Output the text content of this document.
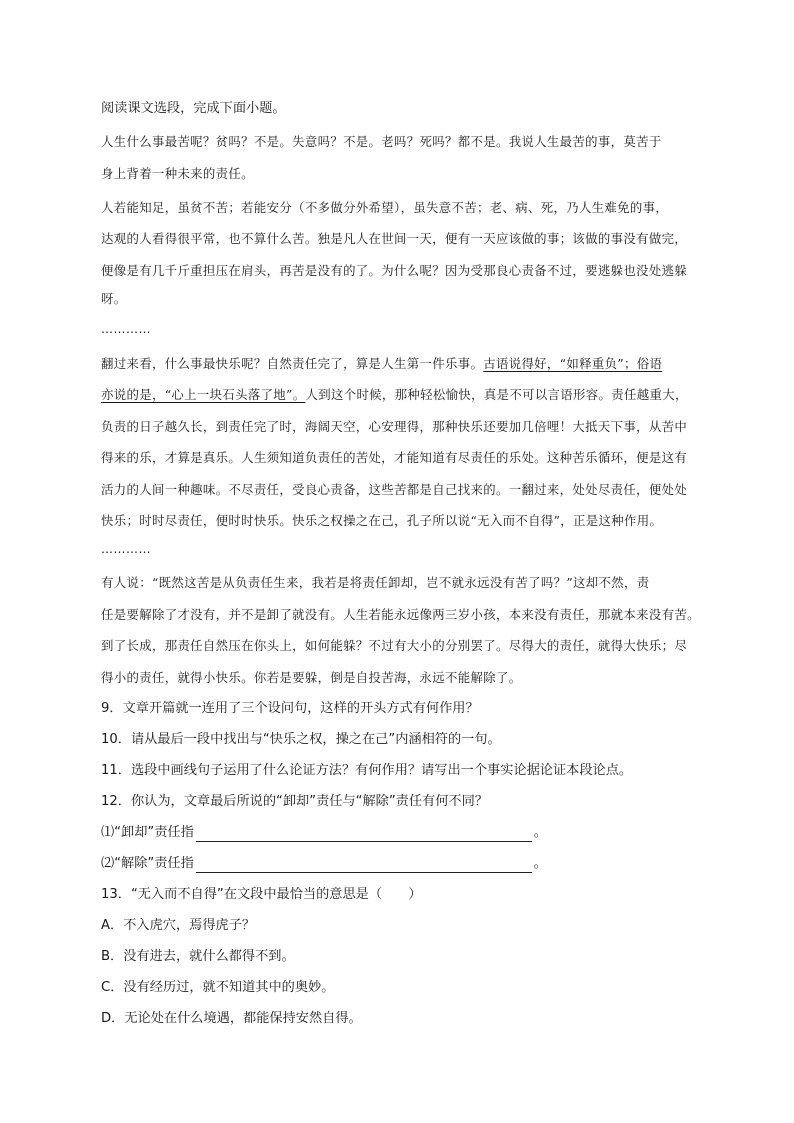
阅读课文选段，完成下面小题。
人生什么事最苦呢？贫吗？不是。失意吗？不是。老吗？死吗？都不是。我说人生最苦的事，莫苦于
身上背着一种未来的责任。
人若能知足，虽贫不苦；若能安分（不多做分外希望），虽失意不苦；老、病、死，乃人生难免的事，
达观的人看得很平常，也不算什么苦。独是凡人在世间一天，便有一天应该做的事；该做的事没有做完，
便像是有几千斤重担压在肩头，再苦是没有的了。为什么呢？因为受那良心责备不过，要逃躲也没处逃躲
呀。
…………
翻过来看，什么事最快乐呢？自然责任完了，算是人生第一件乐事。古语说得好，“如释重负”；俗语
亦说的是，“心上一块石头落了地”。人到这个时候，那种轻松愉快，真是不可以言语形容。责任越重大，
负责的日子越久长，到责任完了时，海阔天空，心安理得，那种快乐还要加几倍哩！大抵天下事，从苦中
得来的乐，才算是真乐。人生须知道负责任的苦处，才能知道有尽责任的乐处。这种苦乐循环，便是这有
活力的人间一种趣味。不尽责任，受良心责备，这些苦都是自己找来的。一翻过来，处处尽责任，便处处
快乐；时时尽责任，便时时快乐。快乐之权操之在己，孔子所以说“无入而不自得”，正是这种作用。
…………
有人说：“既然这苦是从负责任生来，我若是将责任卸却，岂不就永远没有苦了吗？”这却不然，责
任是要解除了才没有，并不是卸了就没有。人生若能永远像两三岁小孩，本来没有责任，那就本来没有苦。
到了长成，那责任自然压在你头上，如何能躲？不过有大小的分别罢了。尽得大的责任，就得大快乐；尽
得小的责任，就得小快乐。你若是要躲，倒是自投苦海，永远不能解除了。
9．文章开篇就一连用了三个设问句，这样的开头方式有何作用？
10．请从最后一段中找出与“快乐之权，操之在己”内涵相符的一句。
11．选段中画线句子运用了什么论证方法？有何作用？请写出一个事实论据论证本段论点。
12．你认为，文章最后所说的“卸却”责任与“解除”责任有何不同？
⑴“卸却”责任指	。
⑵“解除”责任指	。
13．“无入而不自得”在文段中最恰当的意思是（　　）
A．不入虎穴，焉得虎子？
B．没有进去，就什么都得不到。
C．没有经历过，就不知道其中的奥妙。
D．无论处在什么境遇，都能保持安然自得。
